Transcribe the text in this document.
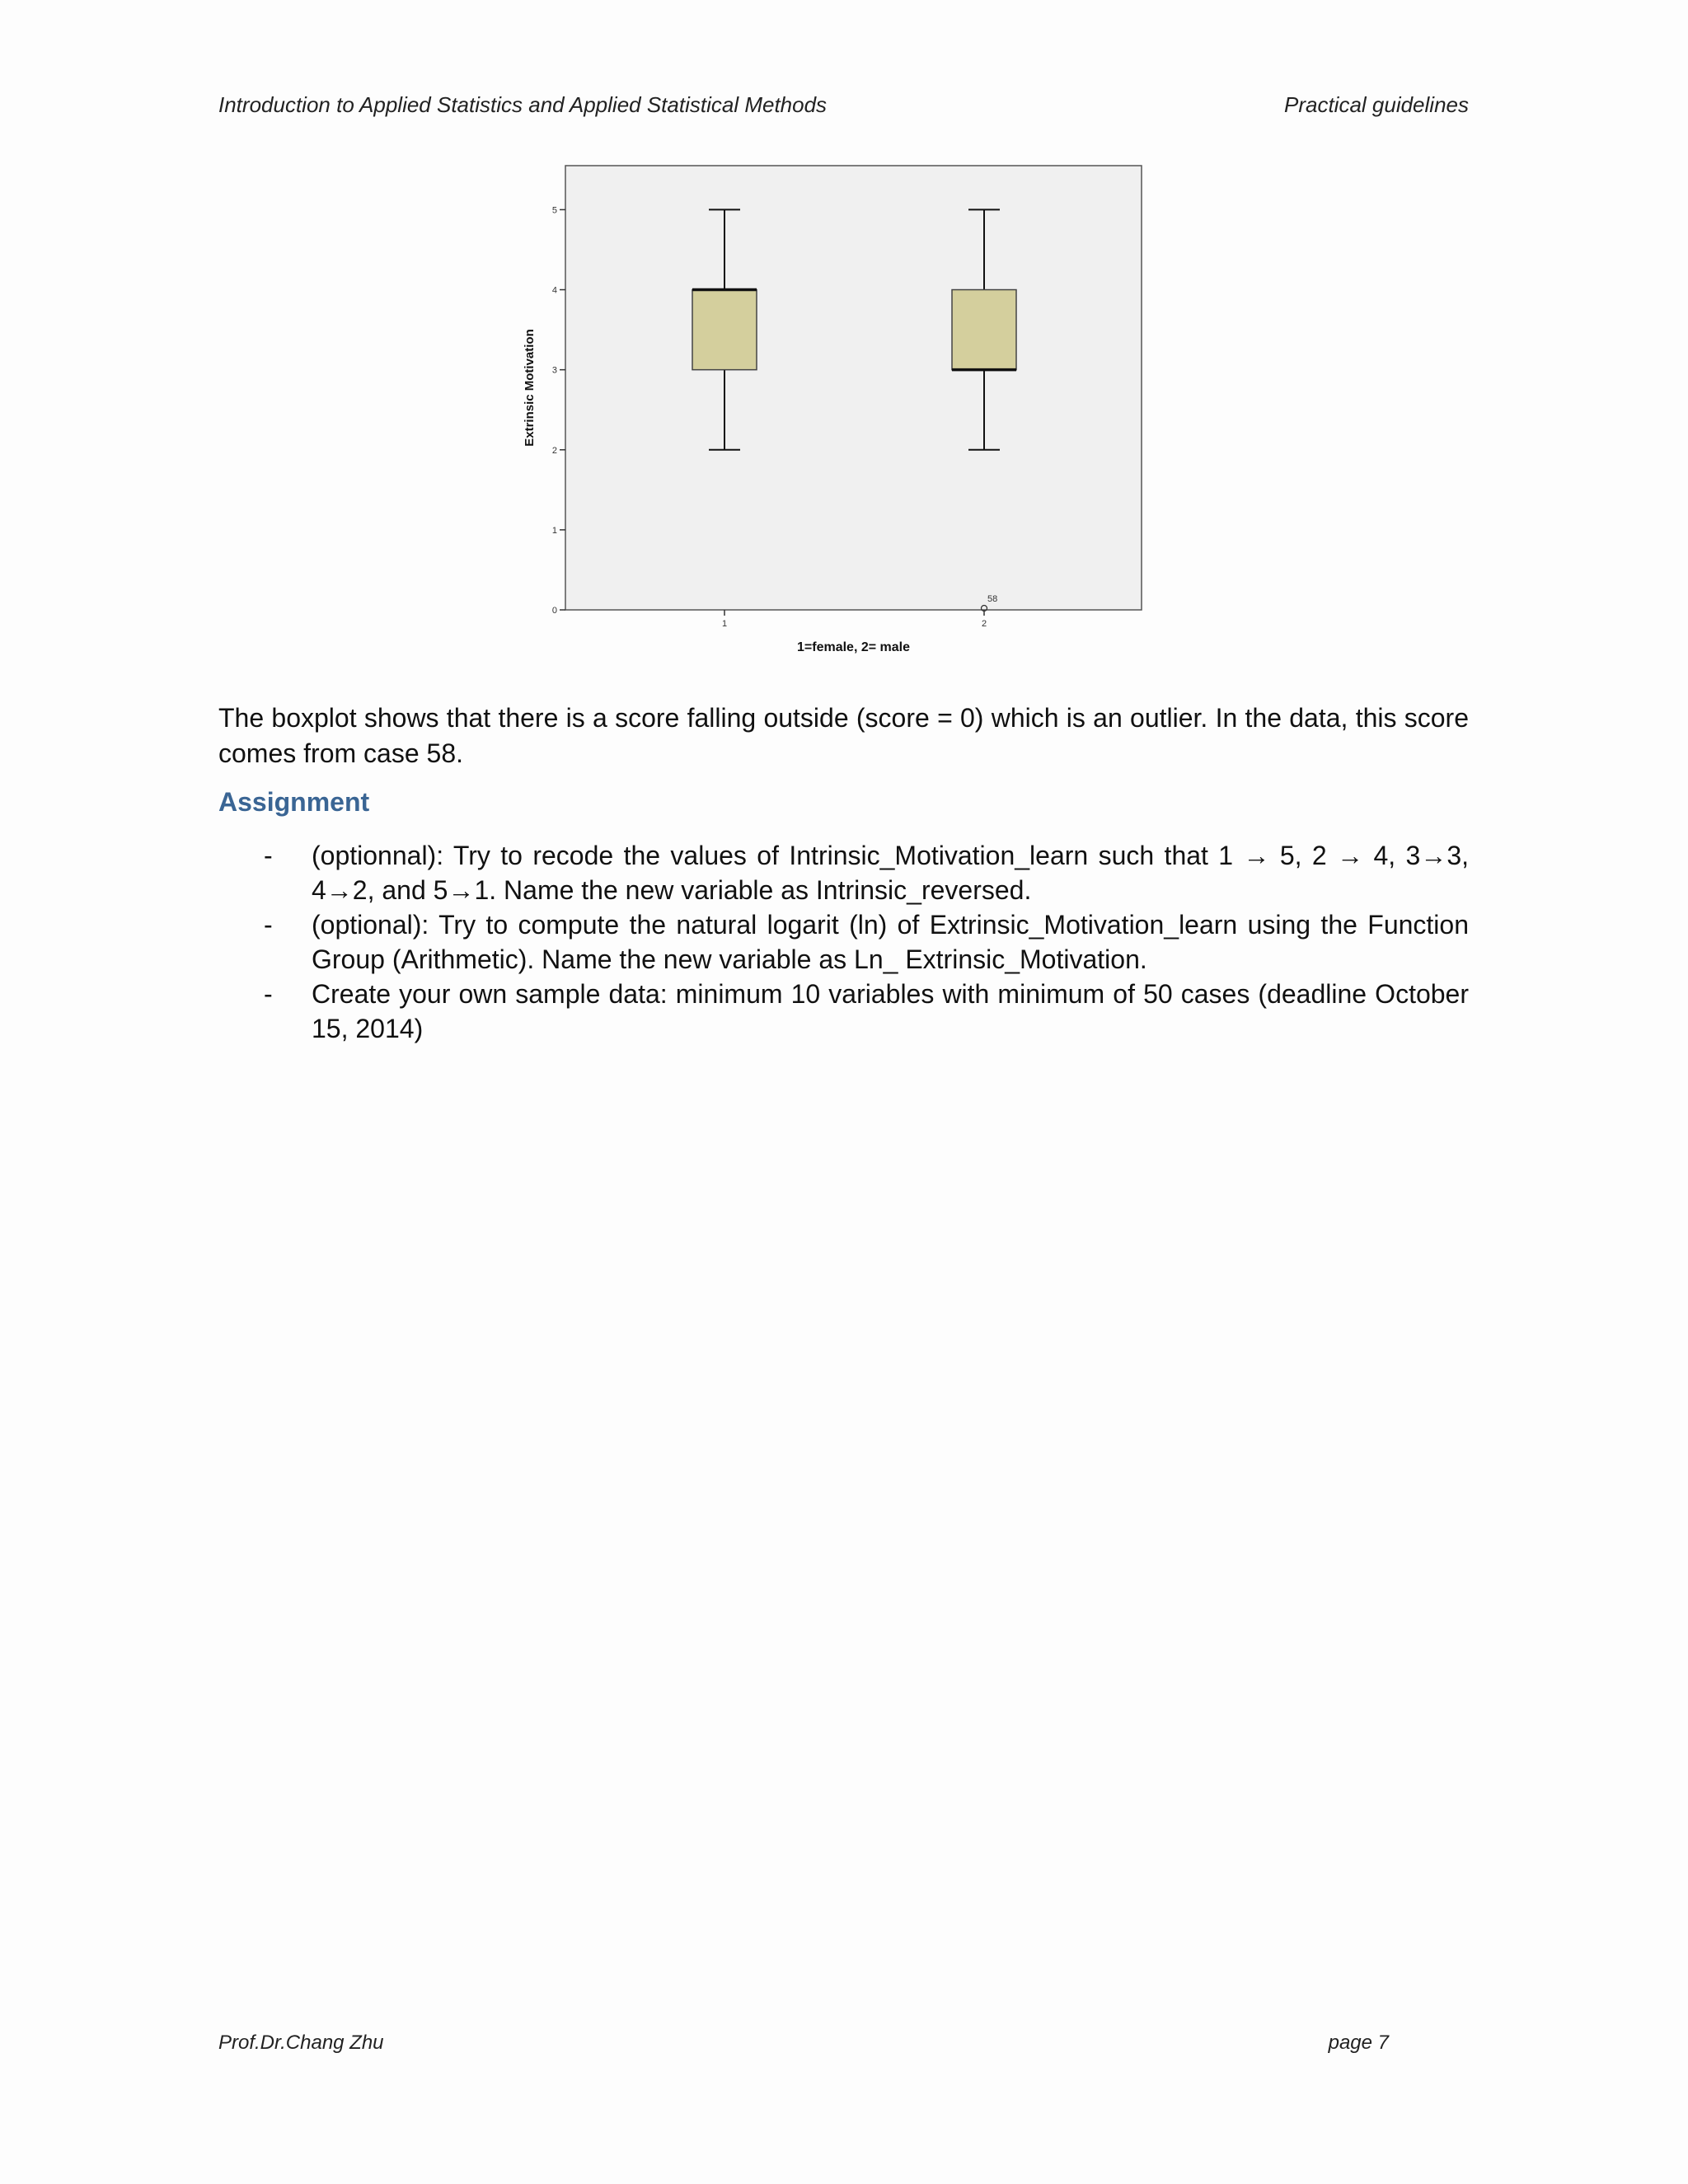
Introduction to Applied Statistics and Applied Statistical Methods	Practical guidelines
0
1
2
3
4
5
Extrinsic Motivation
1	2
1=female, 2= male
58
The boxplot shows that there is a score falling outside (score = 0) which is an outlier. In the data, this score comes from case 58.
Assignment
- (optionnal): Try to recode the values of Intrinsic_Motivation_learn such that 1 → 5, 2 → 4, 3→3, 4→2, and 5→1. Name the new variable as Intrinsic_reversed.
- (optional): Try to compute the natural logarit (ln) of Extrinsic_Motivation_learn using the Function Group (Arithmetic). Name the new variable as Ln_ Extrinsic_Motivation.
- Create your own sample data: minimum 10 variables with minimum of 50 cases (deadline October 15, 2014)
Prof.Dr.Chang Zhu	page 7
